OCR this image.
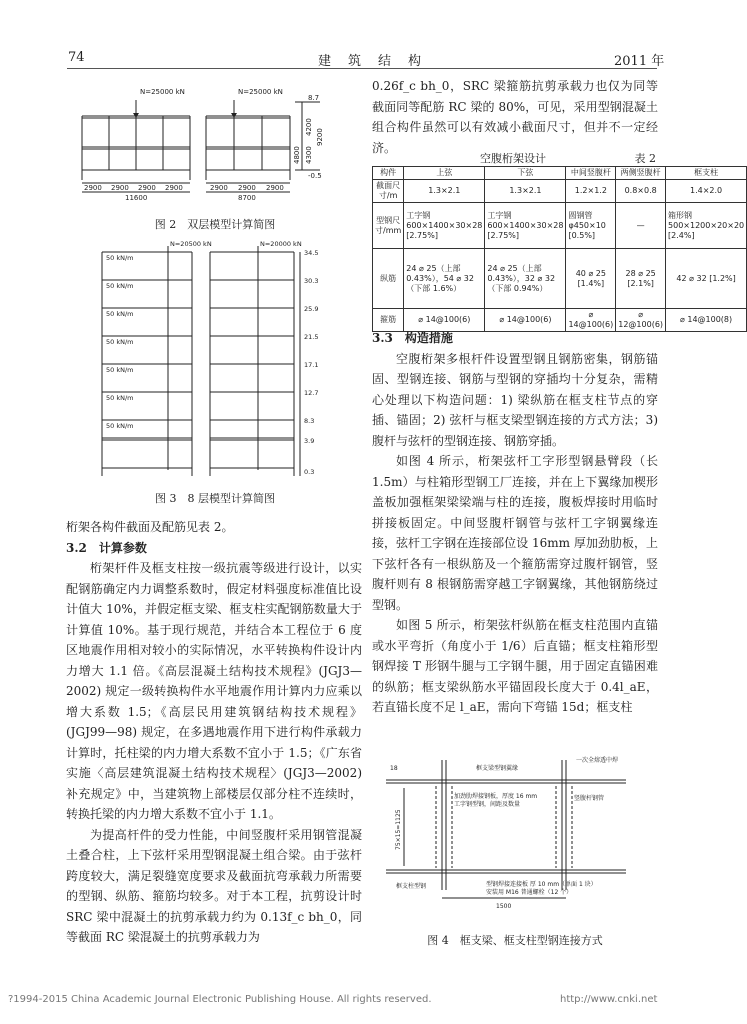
74	建　筑　结　构	2011 年
N=25000 kN	N=25000 kN
2900 2900 2900 2900
11600
2900 2900 2900
8700
8.7
-0.5
4200
4300
4800
9200
图 2　双层模型计算简图
N=20500 kN	N=20000 kN
50 kN/m
50 kN/m
50 kN/m
50 kN/m
50 kN/m
50 kN/m
50 kN/m
34.5
30.3
25.9
21.5
17.1
12.7
8.3
3.9
0.3
图 3　8 层模型计算简图

桁架各构件截面及配筋见表 2。

3.2　计算参数

桁架杆件及框支柱按一级抗震等级进行设计，以实配钢筋确定内力调整系数时，假定材料强度标准值比设计值大 10%，并假定框支梁、框支柱实配钢筋数量大于计算值 10%。基于现行规范，并结合本工程位于 6 度区地震作用相对较小的实际情况，水平转换构件设计内力增大 1.1 倍。《高层混凝土结构技术规程》(JGJ3—2002) 规定一级转换构件水平地震作用计算内力应乘以增大系数 1.5；《高层民用建筑钢结构技术规程》(JGJ99—98) 规定，在多遇地震作用下进行构件承载力计算时，托柱梁的内力增大系数不宜小于 1.5；《广东省实施〈高层建筑混凝土结构技术规程〉(JGJ3—2002) 补充规定》中，当建筑物上部楼层仅部分柱不连续时，转换托梁的内力增大系数不宜小于 1.1。

为提高杆件的受力性能，中间竖腹杆采用钢管混凝土叠合柱，上下弦杆采用型钢混凝土组合梁。由于弦杆跨度较大，满足裂缝宽度要求及截面抗弯承载力所需要的型钢、纵筋、箍筋均较多。对于本工程，抗剪设计时 SRC 梁中混凝土的抗剪承载力约为 0.13f_c bh_0，同等截面 RC 梁混凝土的抗剪承载力为

0.26f_c bh_0，SRC 梁箍筋抗剪承载力也仅为同等截面同等配筋 RC 梁的 80%，可见，采用型钢混凝土组合构件虽然可以有效减小截面尺寸，但并不一定经济。

空腹桁架设计	表 2
构件	上弦	下弦	中间竖腹杆	两侧竖腹杆	框支柱
截面尺寸/m	1.3×2.1	1.3×2.1	1.2×1.2	0.8×0.8	1.4×2.0
型钢尺寸/mm	工字钢 600×1400×30×28 [2.75%]	工字钢 600×1400×30×28 [2.75%]	圆钢管 φ450×10 [0.5%]	—	箱形钢 500×1200×20×20 [2.4%]
纵筋	24 ⌀ 25（上部 0.43%），54 ⌀ 32（下部 1.6%）	24 ⌀ 25（上部 0.43%），32 ⌀ 32（下部 0.94%）	40 ⌀ 25 [1.4%]	28 ⌀ 25 [2.1%]	42 ⌀ 32 [1.2%]
箍筋	⌀ 14@100(6)	⌀ 14@100(6)	⌀ 14@100(6)	⌀ 12@100(6)	⌀ 14@100(8)

3.3　构造措施

空腹桁架多根杆件设置型钢且钢筋密集，钢筋锚固、型钢连接、钢筋与型钢的穿插均十分复杂，需精心处理以下构造问题：1) 梁纵筋在框支柱节点的穿插、锚固；2) 弦杆与框支梁型钢连接的方式方法；3) 腹杆与弦杆的型钢连接、钢筋穿插。

如图 4 所示，桁架弦杆工字形型钢悬臂段（长 1.5m）与柱箱形型钢工厂连接，并在上下翼缘加楔形盖板加强框架梁梁端与柱的连接，腹板焊接时用临时拼接板固定。中间竖腹杆钢管与弦杆工字钢翼缘连接，弦杆工字钢在连接部位设 16mm 厚加劲肋板，上下弦杆各有一根纵筋及一个箍筋需穿过腹杆钢管，竖腹杆则有 8 根钢筋需穿越工字钢翼缘，其他钢筋绕过型钢。

如图 5 所示，桁架弦杆纵筋在框支柱范围内直锚或水平弯折（角度小于 1/6）后直锚；框支柱箱形型钢焊接 T 形钢牛腿与工字钢牛腿，用于固定直锚困难的纵筋；框支梁纵筋水平锚固段长度大于 0.4l_aE，若直锚长度不足 l_aE，需向下弯锚 15d；框支柱

框支梁型钢翼缘
一次全熔透中焊
加劲肋焊接钢板，厚度 16 mm
工字钢型钢，间距及数量
竖腹杆钢管
框支柱型钢	型钢焊接连接板 厚 10 mm（单面 1 块）
安装用 M16 普通螺栓（12 个）
1500
75×15=1125
18
图 4　框支梁、框支柱型钢连接方式
?1994-2015 China Academic Journal Electronic Publishing House. All rights reserved.	http://www.cnki.net
